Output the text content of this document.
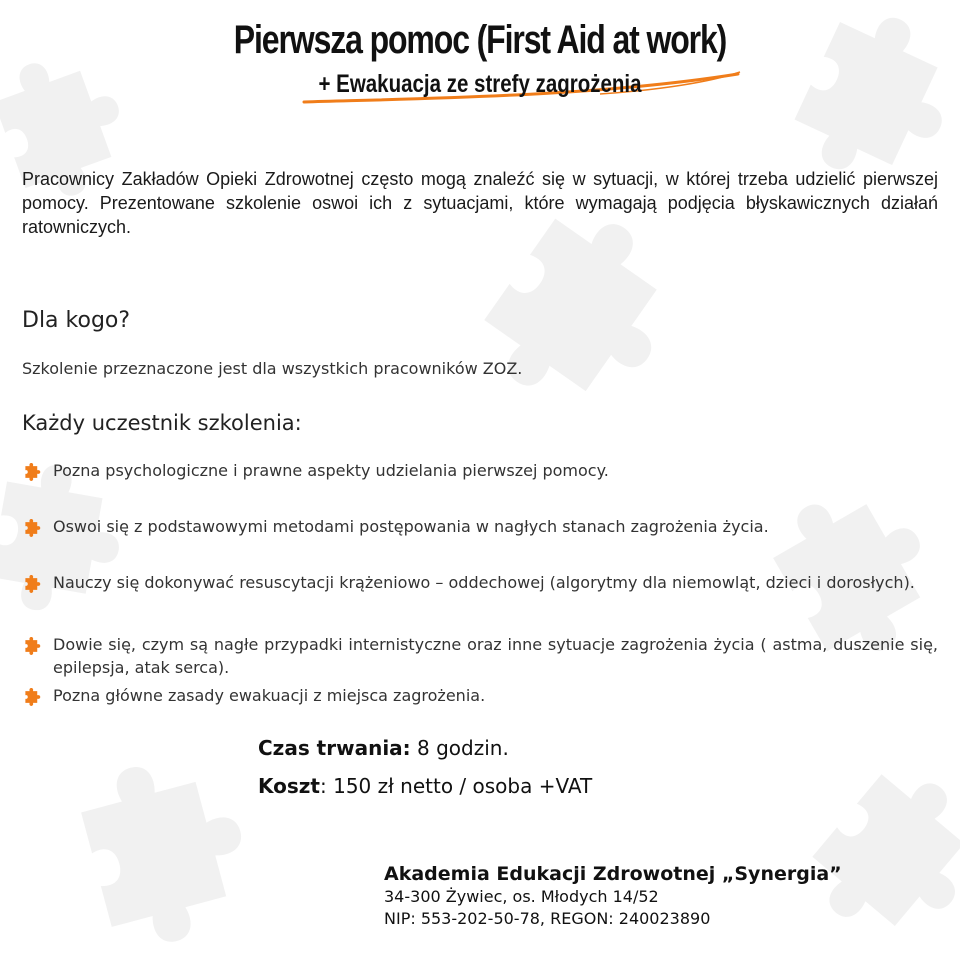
Pierwsza pomoc (First Aid at work)
+ Ewakuacja ze strefy zagrożenia
Pracownicy Zakładów Opieki Zdrowotnej często mogą znaleźć się w sytuacji, w której trzeba udzielić pierwszej pomocy. Prezentowane szkolenie oswoi ich z sytuacjami, które wymagają podjęcia błyskawicznych działań ratowniczych.
Dla kogo?
Szkolenie przeznaczone jest dla wszystkich pracowników ZOZ.
Każdy uczestnik szkolenia:
Pozna psychologiczne i prawne aspekty udzielania pierwszej pomocy.
Oswoi się z podstawowymi metodami postępowania w nagłych stanach zagrożenia życia.
Nauczy się dokonywać resuscytacji krążeniowo – oddechowej (algorytmy dla niemowląt, dzieci i dorosłych).
Dowie się, czym są nagłe przypadki internistyczne oraz inne sytuacje zagrożenia życia ( astma, duszenie się, epilepsja, atak serca).
Pozna główne zasady ewakuacji z miejsca zagrożenia.
Czas trwania: 8 godzin.
Koszt: 150 zł netto / osoba +VAT
Akademia Edukacji Zdrowotnej „Synergia”
34-300 Żywiec, os. Młodych 14/52
NIP: 553-202-50-78, REGON: 240023890
